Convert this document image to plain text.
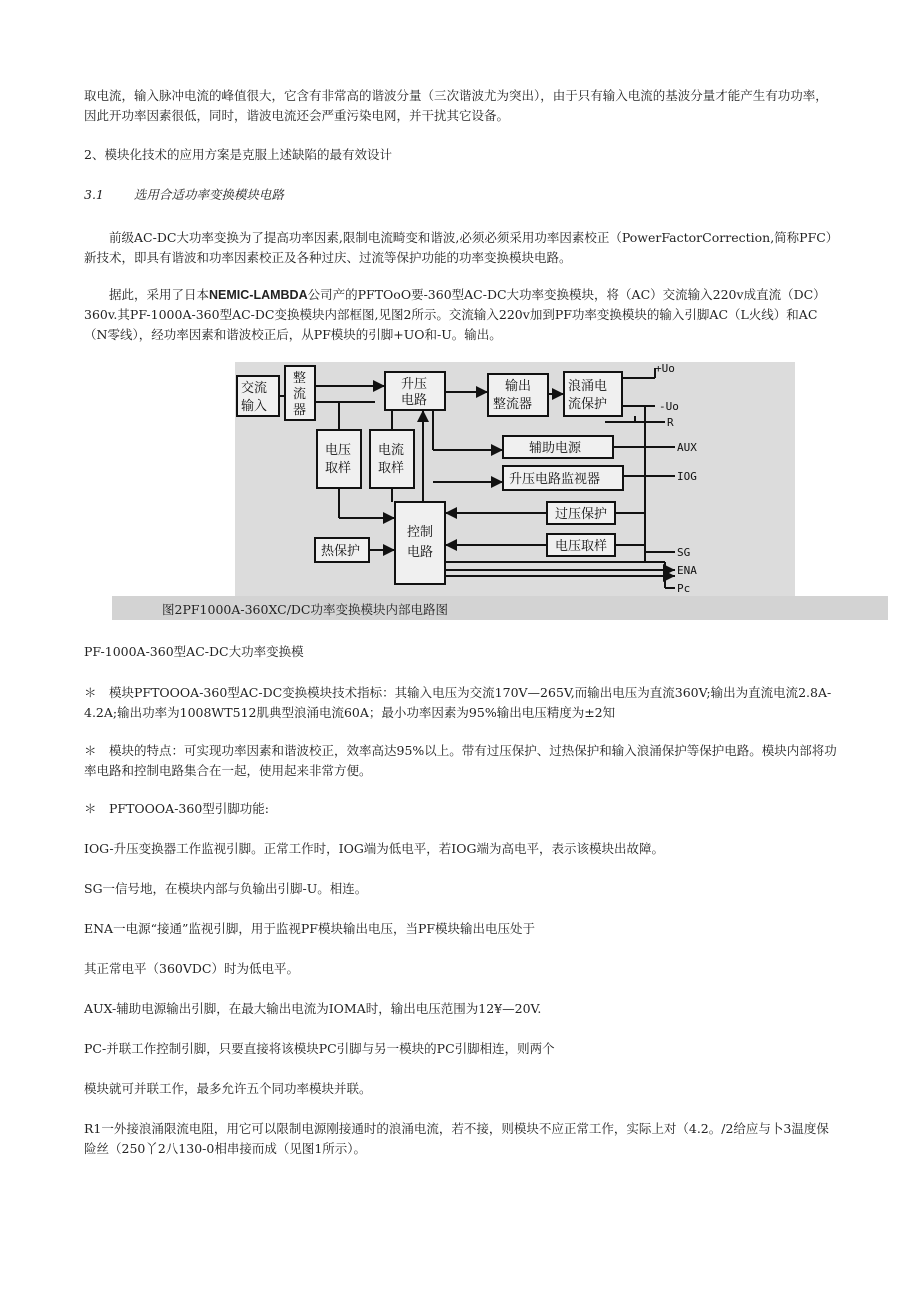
取电流，输入脉冲电流的峰值很大，它含有非常高的谐波分量（三次谐波尤为突出），由于只有输入电流的基波分量才能产生有功功率，因此开功率因素很低，同时，谐波电流还会严重污染电网，并干扰其它设备。

2、模块化技术的应用方案是克服上述缺陷的最有效设计

3.1 选用合适功率变换模块电路

前级AC-DC大功率变换为了提高功率因素,限制电流畸变和谐波,必须必须采用功率因素校正（PowerFactorCorrection,简称PFC）新技术，即具有谐波和功率因素校正及各种过庆、过流等保护功能的功率变换模块电路。

据此，采用了日本NEMIC-LAMBDA公司产的PFTOoO要-360型AC-DC大功率变换模块，将（AC）交流输入220v成直流（DC）360v.其PF-1000A-360型AC-DC变换模块内部框图,见图2所示。交流输入220v加到PF功率变换模块的输入引脚AC（L火线）和AC（N零线），经功率因素和谐波校正后，从PF模块的引脚+UO和-U。输出。

交流
输入
整
流
器
升压
电路
输出
整流器
浪涌电
流保护
电压
取样
电流
取样
辅助电源
升压电路监视器
过压保护
控制
电路
热保护	电压取样
+Uo
-Uo
R
AUX
IOG
SG
ENA
Pc
图2PF1000A-360XC/DC功率变换模块内部电路图

PF-1000A-360型AC-DC大功率变换模

＊　模块PFTOOOA-360型AC-DC变换模块技术指标：其输入电压为交流170V—265V,而输出电压为直流360V;输出为直流电流2.8A-4.2A;输出功率为1008WT512肌典型浪涌电流60A；最小功率因素为95%输出电压精度为±2知

＊　模块的特点：可实现功率因素和谐波校正，效率高达95%以上。带有过压保护、过热保护和输入浪涌保护等保护电路。模块内部将功率电路和控制电路集合在一起，使用起来非常方便。

＊　PFTOOOA-360型引脚功能:

IOG-升压变换器工作监视引脚。正常工作时，IOG端为低电平，若IOG端为高电平，表示该模块出故障。

SG一信号地，在模块内部与负输出引脚-U。相连。

ENA一电源“接通”监视引脚，用于监视PF模块输出电压，当PF模块输出电压处于

其正常电平（360VDC）时为低电平。

AUX-辅助电源输出引脚，在最大输出电流为IOMA时，输出电压范围为12¥—20V.

PC-并联工作控制引脚，只要直接将该模块PC引脚与另一模块的PC引脚相连，则两个

模块就可并联工作，最多允许五个同功率模块并联。

R1一外接浪涌限流电阻，用它可以限制电源刚接通时的浪涌电流，若不接，则模块不应正常工作，实际上对（4.2。/2给应与卜3温度保险丝（250丫2八130-0相串接而成（见图1所示）。
